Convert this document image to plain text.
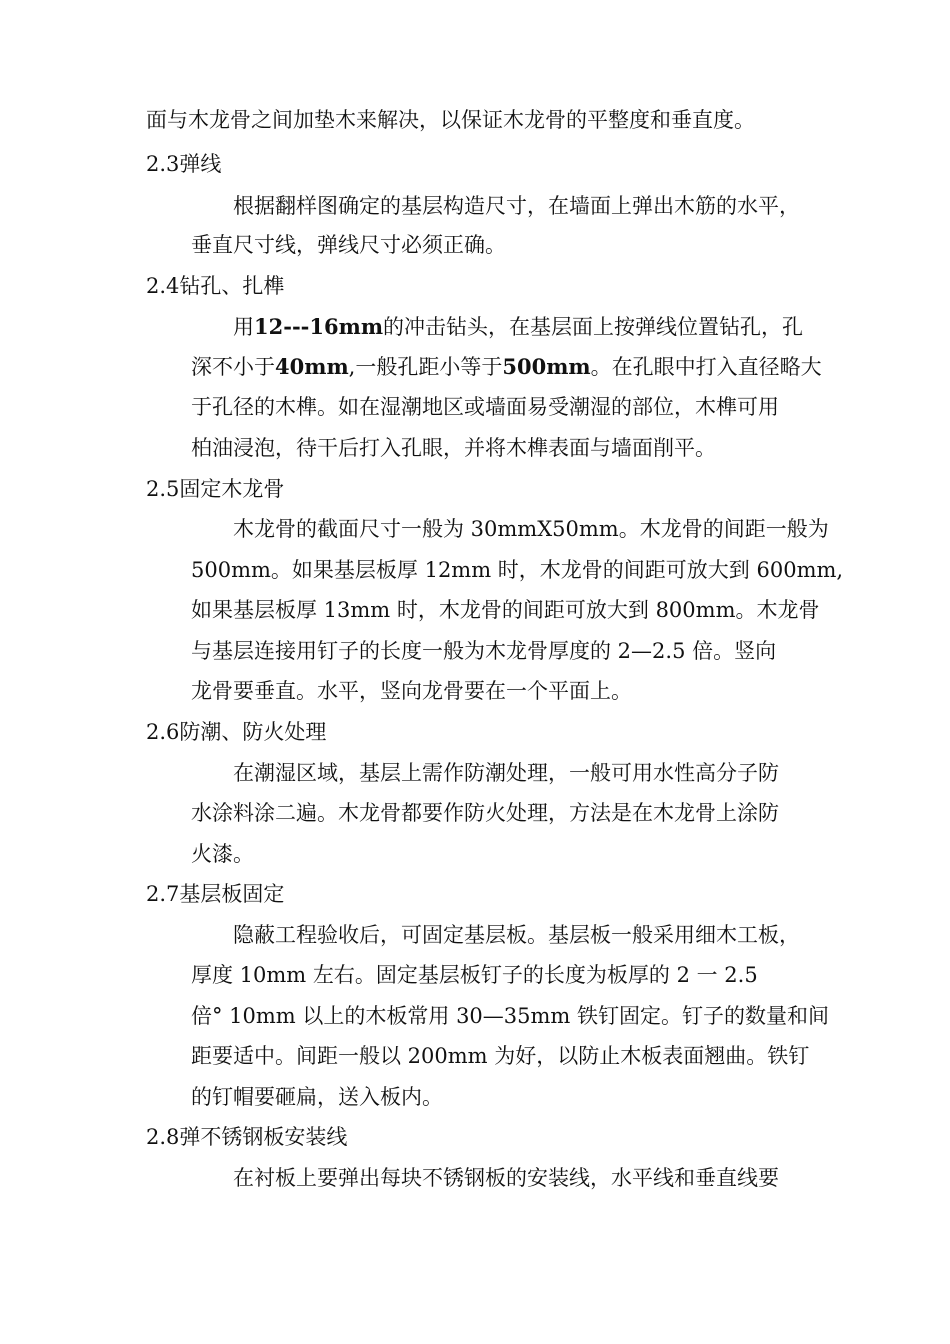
面与木龙骨之间加垫木来解决，以保证木龙骨的平整度和垂直度。
2.3弹线
根据翻样图确定的基层构造尺寸，在墙面上弹出木筋的水平，
垂直尺寸线，弹线尺寸必须正确。
2.4钻孔、扎榫
用12---16mm的冲击钻头，在基层面上按弹线位置钻孔，孔
深不小于40mm,一般孔距小等于500mm。在孔眼中打入直径略大
于孔径的木榫。如在湿潮地区或墙面易受潮湿的部位，木榫可用
柏油浸泡，待干后打入孔眼，并将木榫表面与墙面削平。
2.5固定木龙骨
木龙骨的截面尺寸一般为 30mmX50mm。木龙骨的间距一般为
500mm。如果基层板厚 12mm 时，木龙骨的间距可放大到 600mm,
如果基层板厚 13mm 时，木龙骨的间距可放大到 800mm。木龙骨
与基层连接用钉子的长度一般为木龙骨厚度的 2—2.5 倍。竖向
龙骨要垂直。水平，竖向龙骨要在一个平面上。
2.6防潮、防火处理
在潮湿区域，基层上需作防潮处理，一般可用水性高分子防
水涂料涂二遍。木龙骨都要作防火处理，方法是在木龙骨上涂防
火漆。
2.7基层板固定
隐蔽工程验收后，可固定基层板。基层板一般采用细木工板，
厚度 10mm 左右。固定基层板钉子的长度为板厚的 2 一 2.5
倍° 10mm 以上的木板常用 30—35mm 铁钉固定。钉子的数量和间
距要适中。间距一般以 200mm 为好，以防止木板表面翘曲。铁钉
的钉帽要砸扁，送入板内。
2.8弹不锈钢板安装线
在衬板上要弹出每块不锈钢板的安装线，水平线和垂直线要
